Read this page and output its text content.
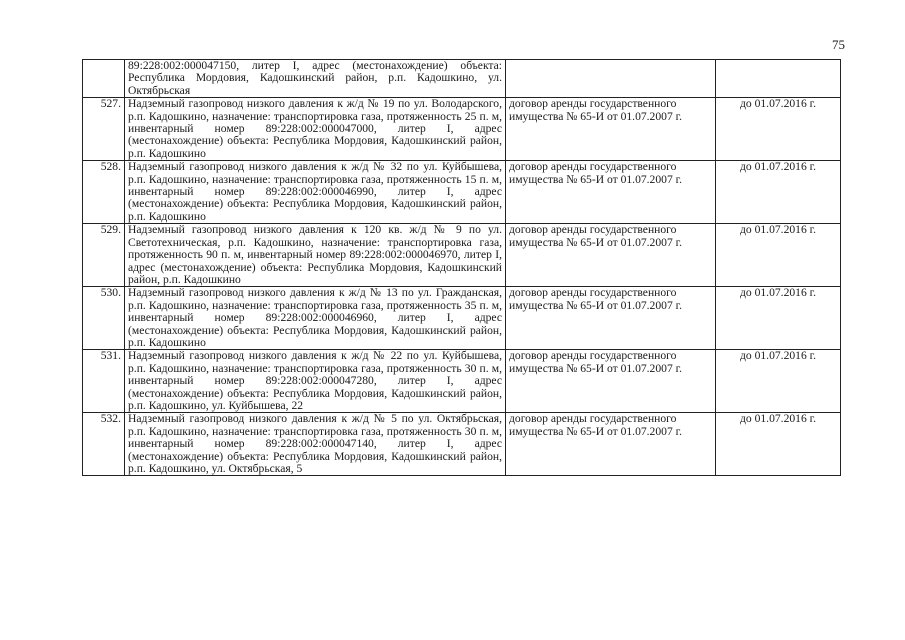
75
	89:228:002:000047150, литер I, адрес (местонахождение) объекта: Республика Мордовия, Кадошкинский район, р.п. Кадошкино, ул. Октябрьская		
527.	Надземный газопровод низкого давления к ж/д № 19 по ул. Володарского, р.п. Кадошкино, назначение: транспортировка газа, протяженность 25 п. м, инвентарный номер 89:228:002:000047000, литер I, адрес (местонахождение) объекта: Республика Мордовия, Кадошкинский район, р.п. Кадошкино	договор аренды государственного имущества № 65-И от 01.07.2007 г.	до 01.07.2016 г.
528.	Надземный газопровод низкого давления к ж/д № 32 по ул. Куйбышева, р.п. Кадошкино, назначение: транспортировка газа, протяженность 15 п. м, инвентарный номер 89:228:002:000046990, литер I, адрес (местонахождение) объекта: Республика Мордовия, Кадошкинский район, р.п. Кадошкино	договор аренды государственного имущества № 65-И от 01.07.2007 г.	до 01.07.2016 г.
529.	Надземный газопровод низкого давления к 120 кв. ж/д № 9 по ул. Светотехническая, р.п. Кадошкино, назначение: транспортировка газа, протяженность 90 п. м, инвентарный номер 89:228:002:000046970, литер I, адрес (местонахождение) объекта: Республика Мордовия, Кадошкинский район, р.п. Кадошкино	договор аренды государственного имущества № 65-И от 01.07.2007 г.	до 01.07.2016 г.
530.	Надземный газопровод низкого давления к ж/д № 13 по ул. Гражданская, р.п. Кадошкино, назначение: транспортировка газа, протяженность 35 п. м, инвентарный номер 89:228:002:000046960, литер I, адрес (местонахождение) объекта: Республика Мордовия, Кадошкинский район, р.п. Кадошкино	договор аренды государственного имущества № 65-И от 01.07.2007 г.	до 01.07.2016 г.
531.	Надземный газопровод низкого давления к ж/д № 22 по ул. Куйбышева, р.п. Кадошкино, назначение: транспортировка газа, протяженность 30 п. м, инвентарный номер 89:228:002:000047280, литер I, адрес (местонахождение) объекта: Республика Мордовия, Кадошкинский район, р.п. Кадошкино, ул. Куйбышева, 22	договор аренды государственного имущества № 65-И от 01.07.2007 г.	до 01.07.2016 г.
532.	Надземный газопровод низкого давления к ж/д № 5 по ул. Октябрьская, р.п. Кадошкино, назначение: транспортировка газа, протяженность 30 п. м, инвентарный номер 89:228:002:000047140, литер I, адрес (местонахождение) объекта: Республика Мордовия, Кадошкинский район, р.п. Кадошкино, ул. Октябрьская, 5	договор аренды государственного имущества № 65-И от 01.07.2007 г.	до 01.07.2016 г.
